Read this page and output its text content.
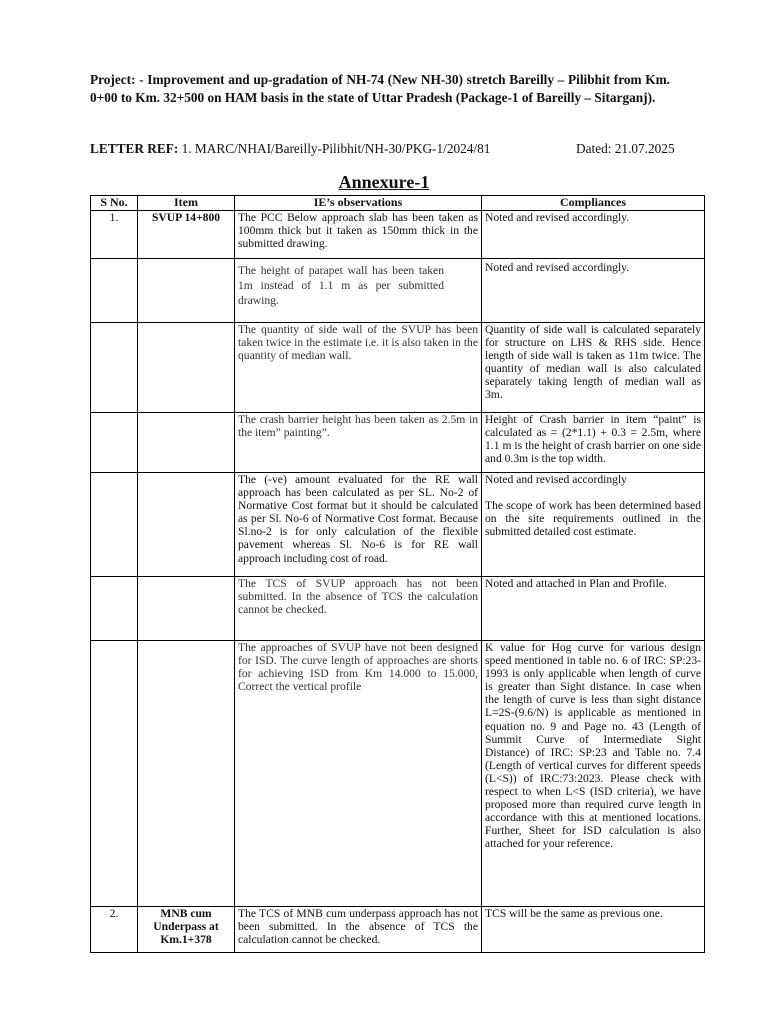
Project: - Improvement and up-gradation of NH-74 (New NH-30) stretch Bareilly – Pilibhit from Km. 0+00 to Km. 32+500 on HAM basis in the state of Uttar Pradesh (Package-1 of Bareilly – Sitarganj).
LETTER REF: 1. MARC/NHAI/Bareilly-Pilibhit/NH-30/PKG-1/2024/81	Dated: 21.07.2025
Annexure-1
S No.	Item	IE’s observations	Compliances
1.	SVUP 14+800	The PCC Below approach slab has been taken as 100mm thick but it taken as 150mm thick in the submitted drawing.	Noted and revised accordingly.

		The height of parapet wall has been taken 1m instead of 1.1 m as per submitted drawing.	Noted and revised accordingly.

		The quantity of side wall of the SVUP has been taken twice in the estimate i.e. it is also taken in the quantity of median wall.	Quantity of side wall is calculated separately for structure on LHS & RHS side. Hence length of side wall is taken as 11m twice. The quantity of median wall is also calculated separately taking length of median wall as 3m.
		The crash barrier height has been taken as 2.5m in the item” painting”.	Height of Crash barrier in item “paint” is calculated as = (2*1.1) + 0.3 = 2.5m, where 1.1 m is the height of crash barrier on one side and 0.3m is the top width.
		The (-ve) amount evaluated for the RE wall approach has been calculated as per SL. No-2 of Normative Cost format but it should be calculated as per Sl. No-6 of Normative Cost format. Because Sl.no-2 is for only calculation of the flexible pavement whereas Sl. No-6 is for RE wall approach including cost of road.	Noted and revised accordingly
The scope of work has been determined based on the site requirements outlined in the submitted detailed cost estimate.
		The TCS of SVUP approach has not been submitted. In the absence of TCS the calculation cannot be checked.	Noted and attached in Plan and Profile.
		The approaches of SVUP have not been designed for ISD. The curve length of approaches are shorts for achieving ISD from Km 14.000 to 15.000, Correct the vertical profile	K value for Hog curve for various design speed mentioned in table no. 6 of IRC: SP:23-1993 is only applicable when length of curve is greater than Sight distance. In case when the length of curve is less than sight distance L=2S-(9.6/N) is applicable as mentioned in equation no. 9 and Page no. 43 (Length of Summit Curve of Intermediate Sight Distance) of IRC: SP:23 and Table no. 7.4 (Length of vertical curves for different speeds (L<S)) of IRC:73:2023. Please check with respect to when L<S (ISD criteria), we have proposed more than required curve length in accordance with this at mentioned locations. Further, Sheet for ISD calculation is also attached for your reference.
2.	MNB cum Underpass at Km.1+378	The TCS of MNB cum underpass approach has not been submitted. In the absence of TCS the calculation cannot be checked.	TCS will be the same as previous one.
